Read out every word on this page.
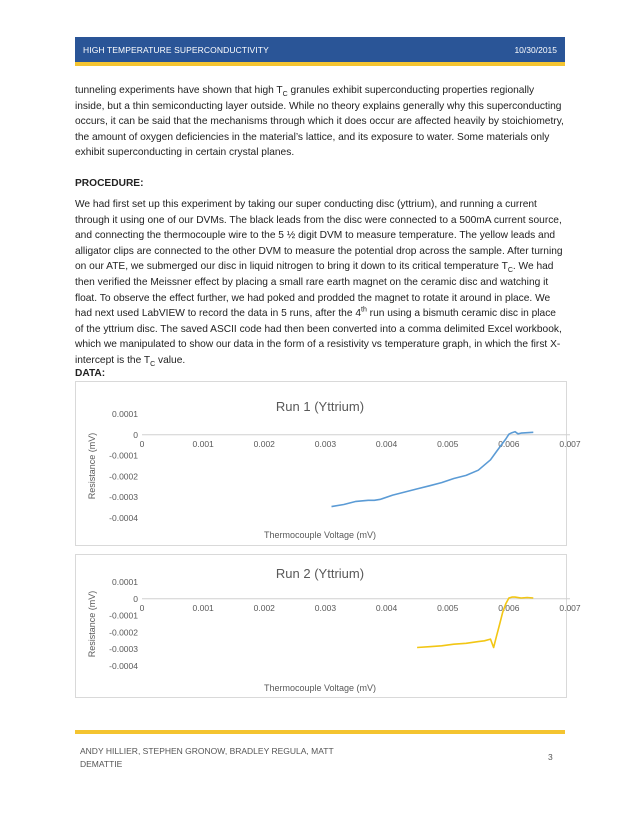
HIGH TEMPERATURE SUPERCONDUCTIVITY	10/30/2015
tunneling experiments have shown that high $T_C$ granules exhibit superconducting properties regionally inside, but a thin semiconducting layer outside. While no theory explains generally why this superconducting occurs, it can be said that the mechanisms through which it does occur are affected heavily by stoichiometry, the amount of oxygen deficiencies in the material’s lattice, and its exposure to water. Some materials only exhibit superconducting in certain crystal planes.
PROCEDURE:
We had first set up this experiment by taking our super conducting disc (yttrium), and running a current through it using one of our DVMs. The black leads from the disc were connected to a 500mA current source, and connecting the thermocouple wire to the 5 ½ digit DVM to measure temperature. The yellow leads and alligator clips are connected to the other DVM to measure the potential drop across the sample. After turning on our ATE, we submerged our disc in liquid nitrogen to bring it down to its critical temperature $T_C$. We had then verified the Meissner effect by placing a small rare earth magnet on the ceramic disc and watching it float. To observe the effect further, we had poked and prodded the magnet to rotate it around in place. We had next used LabVIEW to record the data in 5 runs, after the 4th run using a bismuth ceramic disc in place of the yttrium disc. The saved ASCII code had then been converted into a comma delimited Excel workbook, which we manipulated to show our data in the form of a resistivity vs temperature graph, in which the first X-intercept is the $T_C$ value.
DATA:
Run 1 (Yttrium)
0.0001
0
-0.0001
-0.0002
-0.0003
-0.0004
0	0.001	0.002	0.003	0.004	0.005	0.006	0.007
Thermocouple Voltage (mV)
Resistance (mV)
Run 2 (Yttrium)
0.0001
0
-0.0001
-0.0002
-0.0003
-0.0004
0	0.001	0.002	0.003	0.004	0.005	0.006	0.007
Thermocouple Voltage (mV)
Resistance (mV)
ANDY HILLIER, STEPHEN GRONOW, BRADLEY REGULA, MATT
DEMATTIE
3
